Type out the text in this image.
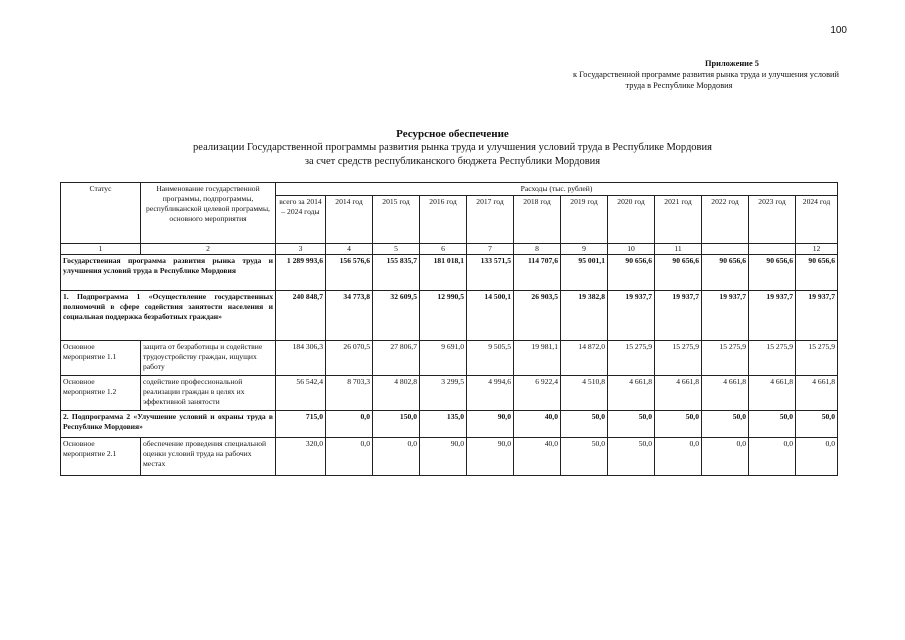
100
Приложение 5
к Государственной программе развития рынка труда и улучшения условий
труда в Республике Мордовия
Ресурсное обеспечение
реализации Государственной программы развития рынка труда и улучшения условий труда в Республике Мордовия
за счет средств республиканского бюджета Республики Мордовия
Статус	Наименование государственной программы, подпрограммы, республиканской целевой программы, основного мероприятия	Расходы (тыс. рублей)											
		всего за 2014 – 2024 годы	2014 год	2015 год	2016 год	2017 год	2018 год	2019 год	2020 год	2021 год	2022 год	2023 год	2024 год
1	2	3	4	5	6	7	8	9	10	11			12
Государственная программа развития рынка труда и улучшения условий труда в Республике Мордовия		1 289 993,6	156 576,6	155 835,7	181 018,1	133 571,5	114 707,6	95 001,1	90 656,6	90 656,6	90 656,6	90 656,6	90 656,6
1. Подпрограмма 1 «Осуществление государственных полномочий в сфере содействия занятости населения и социальная поддержка безработных граждан»		240 848,7	34 773,8	32 609,5	12 990,5	14 500,1	26 903,5	19 382,8	19 937,7	19 937,7	19 937,7	19 937,7	19 937,7
Основное мероприятие 1.1	защита от безработицы и содействие трудоустройству граждан, ищущих работу	184 306,3	26 070,5	27 806,7	9 691,0	9 505,5	19 981,1	14 872,0	15 275,9	15 275,9	15 275,9	15 275,9	15 275,9
Основное мероприятие 1.2	содействие профессиональной реализации граждан в целях их эффективной занятости	56 542,4	8 703,3	4 802,8	3 299,5	4 994,6	6 922,4	4 510,8	4 661,8	4 661,8	4 661,8	4 661,8	4 661,8
2. Подпрограмма 2 «Улучшение условий и охраны труда в Республике Мордовия»		715,0	0,0	150,0	135,0	90,0	40,0	50,0	50,0	50,0	50,0	50,0	50,0
Основное мероприятие 2.1	обеспечение проведения специальной оценки условий труда на рабочих местах	320,0	0,0	0,0	90,0	90,0	40,0	50,0	50,0	0,0	0,0	0,0	0,0
